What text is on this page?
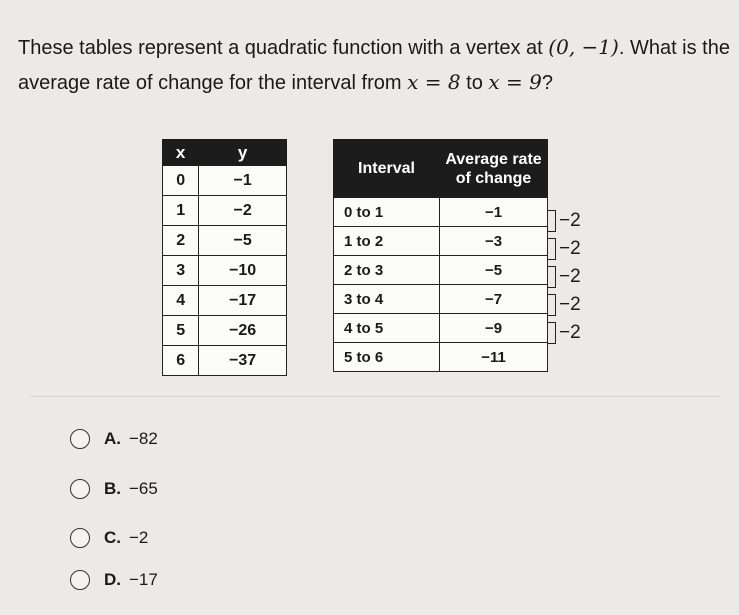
These tables represent a quadratic function with a vertex at (0, −1). What is the average rate of change for the interval from x = 8 to x = 9?
x	y
0	−1
1	−2
2	−5
3	−10
4	−17
5	−26
6	−37
Interval	Average rate of change
0 to 1	−1
1 to 2	−3
2 to 3	−5
3 to 4	−7
4 to 5	−9
5 to 6	−11
−2
−2
−2
−2
−2
A. −82
B. −65
C. −2
D. −17
